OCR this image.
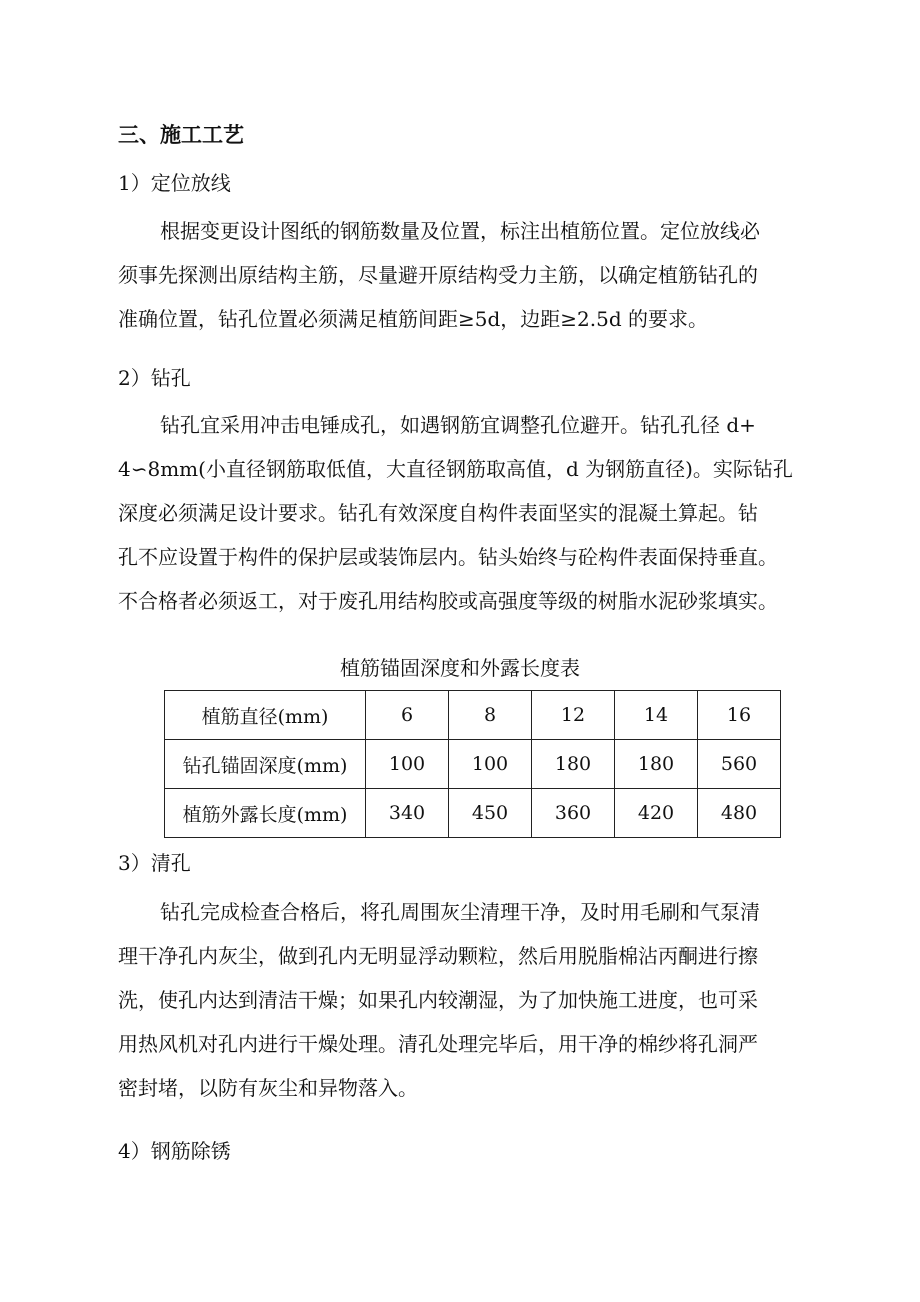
三、施工工艺
1）定位放线

根据变更设计图纸的钢筋数量及位置，标注出植筋位置。定位放线必

须事先探测出原结构主筋，尽量避开原结构受力主筋，以确定植筋钻孔的

准确位置，钻孔位置必须满足植筋间距≥5d，边距≥2.5d 的要求。

2）钻孔

钻孔宜采用冲击电锤成孔，如遇钢筋宜调整孔位避开。钻孔孔径 d+

4∽8mm(小直径钢筋取低值，大直径钢筋取高值，d 为钢筋直径)。实际钻孔

深度必须满足设计要求。钻孔有效深度自构件表面坚实的混凝土算起。钻

孔不应设置于构件的保护层或装饰层内。钻头始终与砼构件表面保持垂直。

不合格者必须返工，对于废孔用结构胶或高强度等级的树脂水泥砂浆填实。

植筋锚固深度和外露长度表
植筋直径(mm)	6	8	12	14	16
钻孔锚固深度(mm)	100	100	180	180	560
植筋外露长度(mm)	340	450	360	420	480
3）清孔

钻孔完成检查合格后，将孔周围灰尘清理干净，及时用毛刷和气泵清

理干净孔内灰尘，做到孔内无明显浮动颗粒，然后用脱脂棉沾丙酮进行擦

洗，使孔内达到清洁干燥；如果孔内较潮湿，为了加快施工进度，也可采

用热风机对孔内进行干燥处理。清孔处理完毕后，用干净的棉纱将孔洞严

密封堵，以防有灰尘和异物落入。

4）钢筋除锈
